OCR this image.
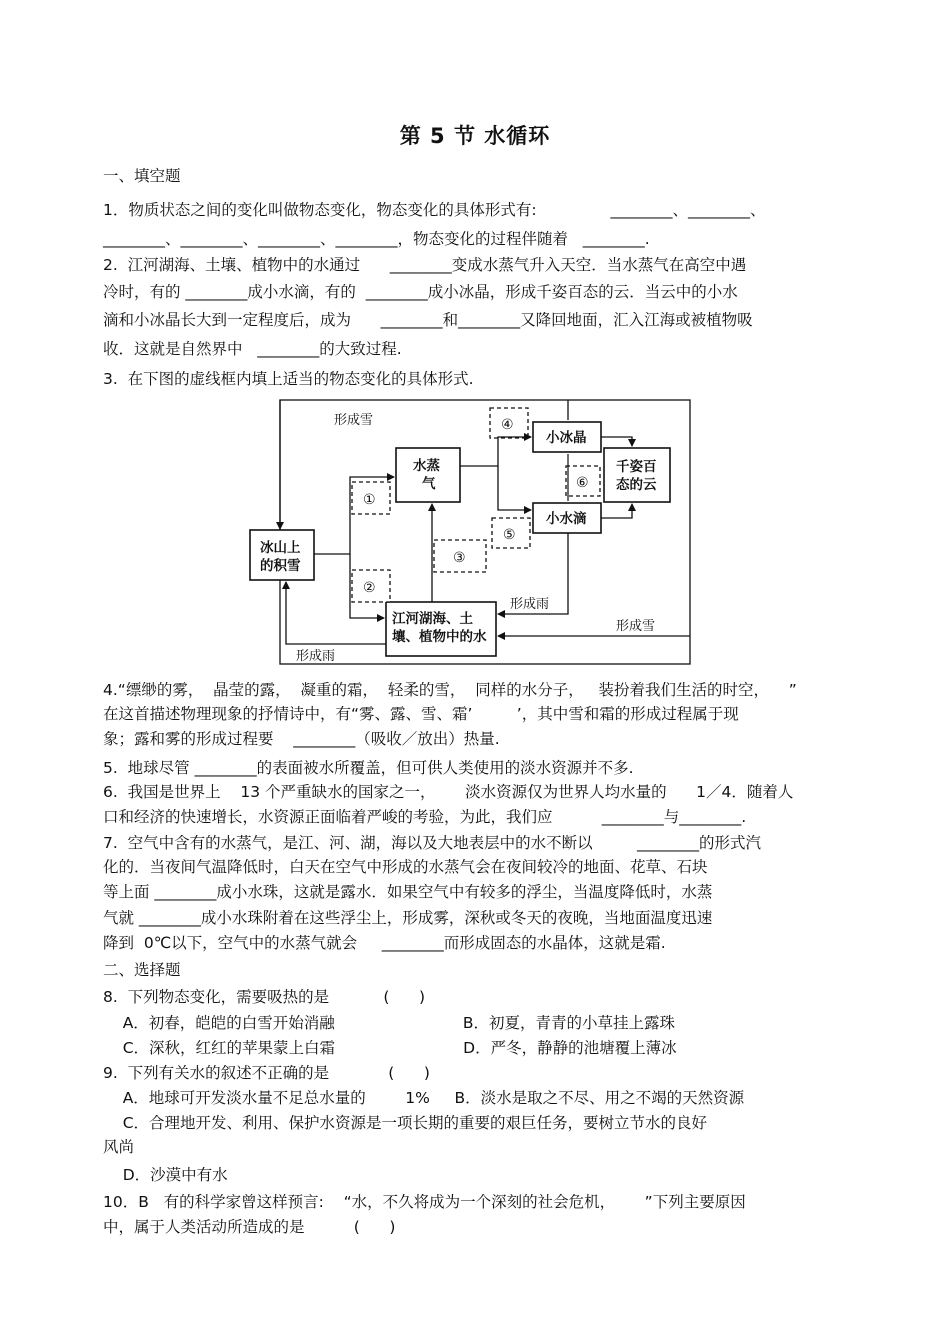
第 5 节 水循环
一、填空题
1．物质状态之间的变化叫做物态变化，物态变化的具体形式有:               ________、________、
________、________、________、________，物态变化的过程伴随着   ________.
2.  江河湖海、土壤、植物中的水通过      ________变成水蒸气升入天空．当水蒸气在高空中遇
冷时，有的 ________成小水滴，有的  ________成小冰晶，形成千姿百态的云．当云中的小水
滴和小冰晶长大到一定程度后，成为      ________和________又降回地面，汇入江海或被植物吸
收．这就是自然界中   ________的大致过程.
3.  在下图的虚线框内填上适当的物态变化的具体形式.
形成雪
冰山上
的积雪
水蒸
气
小冰晶
小水滴
千姿百
态的云
江河湖海、土
壤、植物中的水
形成雨
形成雪
形成雨
①
②
③
④
⑤
⑥
4.“缥缈的雾，  晶莹的露，  凝重的霜，  轻柔的雪，  同样的水分子，   装扮着我们生活的时空，    ”
在这首描述物理现象的抒情诗中，有“雾、露、雪、霜’         ’，其中雪和霜的形成过程属于现
象；露和雾的形成过程要    ________（吸收／放出）热量.
5.  地球尽管 ________的表面被水所覆盖，但可供人类使用的淡水资源并不多.
6.  我国是世界上    13 个严重缺水的国家之一，      淡水资源仅为世界人均水量的      1／4．随着人
口和经济的快速增长，水资源正面临着严峻的考验，为此，我们应          ________与________.
7.  空气中含有的水蒸气，是江、河、湖，海以及大地表层中的水不断以         ________的形式汽
化的．当夜间气温降低时，白天在空气中形成的水蒸气会在夜间较冷的地面、花草、石块
等上面 ________成小水珠，这就是露水．如果空气中有较多的浮尘，当温度降低时，水蒸
气就 ________成小水珠附着在这些浮尘上，形成雾，深秋或冬天的夜晚，当地面温度迅速
降到  0℃以下，空气中的水蒸气就会     ________而形成固态的水晶体，这就是霜.
二、选择题
8.  下列物态变化，需要吸热的是           (      )
A．初春，皑皑的白雪开始消融                          B．初夏，青青的小草挂上露珠
C．深秋，红红的苹果蒙上白霜                          D．严冬，静静的池塘覆上薄冰
9.  下列有关水的叙述不正确的是            (      )
A．地球可开发淡水量不足总水量的        1%     B．淡水是取之不尽、用之不竭的天然资源
C．合理地开发、利用、保护水资源是一项长期的重要的艰巨任务，要树立节水的良好
风尚
D．沙漠中有水
10．B   有的科学家曾这样预言:    “水，不久将成为一个深刻的社会危机，      ”下列主要原因
中，属于人类活动所造成的是          (      )
